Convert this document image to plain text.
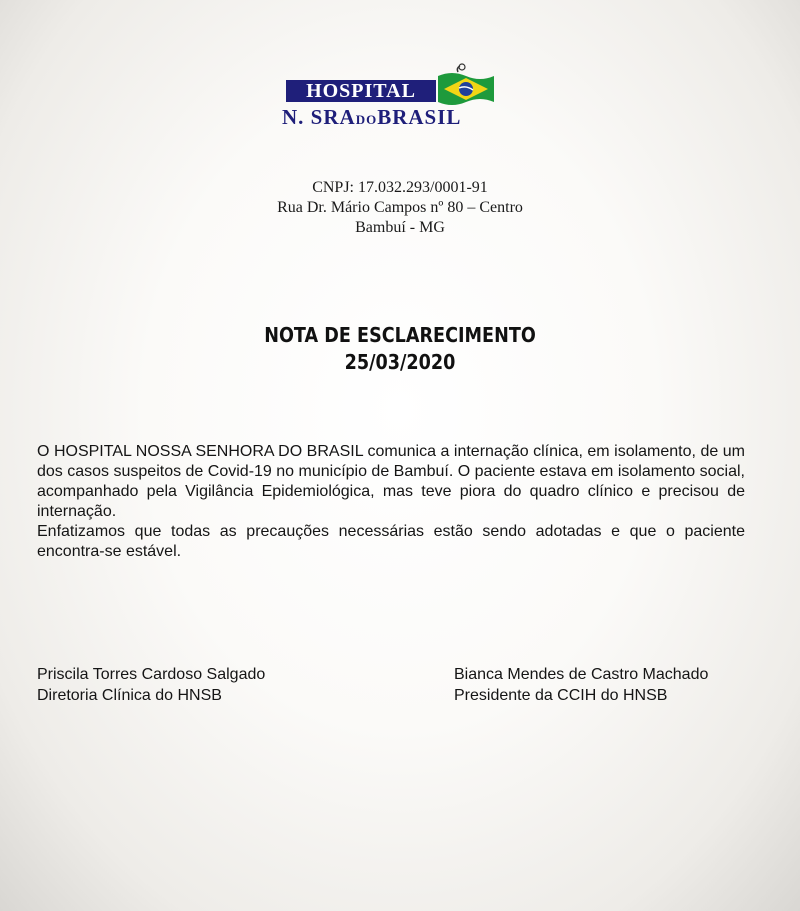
HOSPITAL
N. SRADOBRASIL
CNPJ: 17.032.293/0001-91
Rua Dr. Mário Campos nº 80 – Centro
Bambuí - MG
NOTA DE ESCLARECIMENTO
25/03/2020

O HOSPITAL NOSSA SENHORA DO BRASIL comunica a internação clínica, em isolamento, de um dos casos suspeitos de Covid-19 no município de Bambuí. O paciente estava em isolamento social, acompanhado pela Vigilância Epidemiológica, mas teve piora do quadro clínico e precisou de internação.

Enfatizamos que todas as precauções necessárias estão sendo adotadas e que o paciente encontra-se estável.

Priscila Torres Cardoso Salgado
Diretoria Clínica do HNSB
Bianca Mendes de Castro Machado
Presidente da CCIH do HNSB
